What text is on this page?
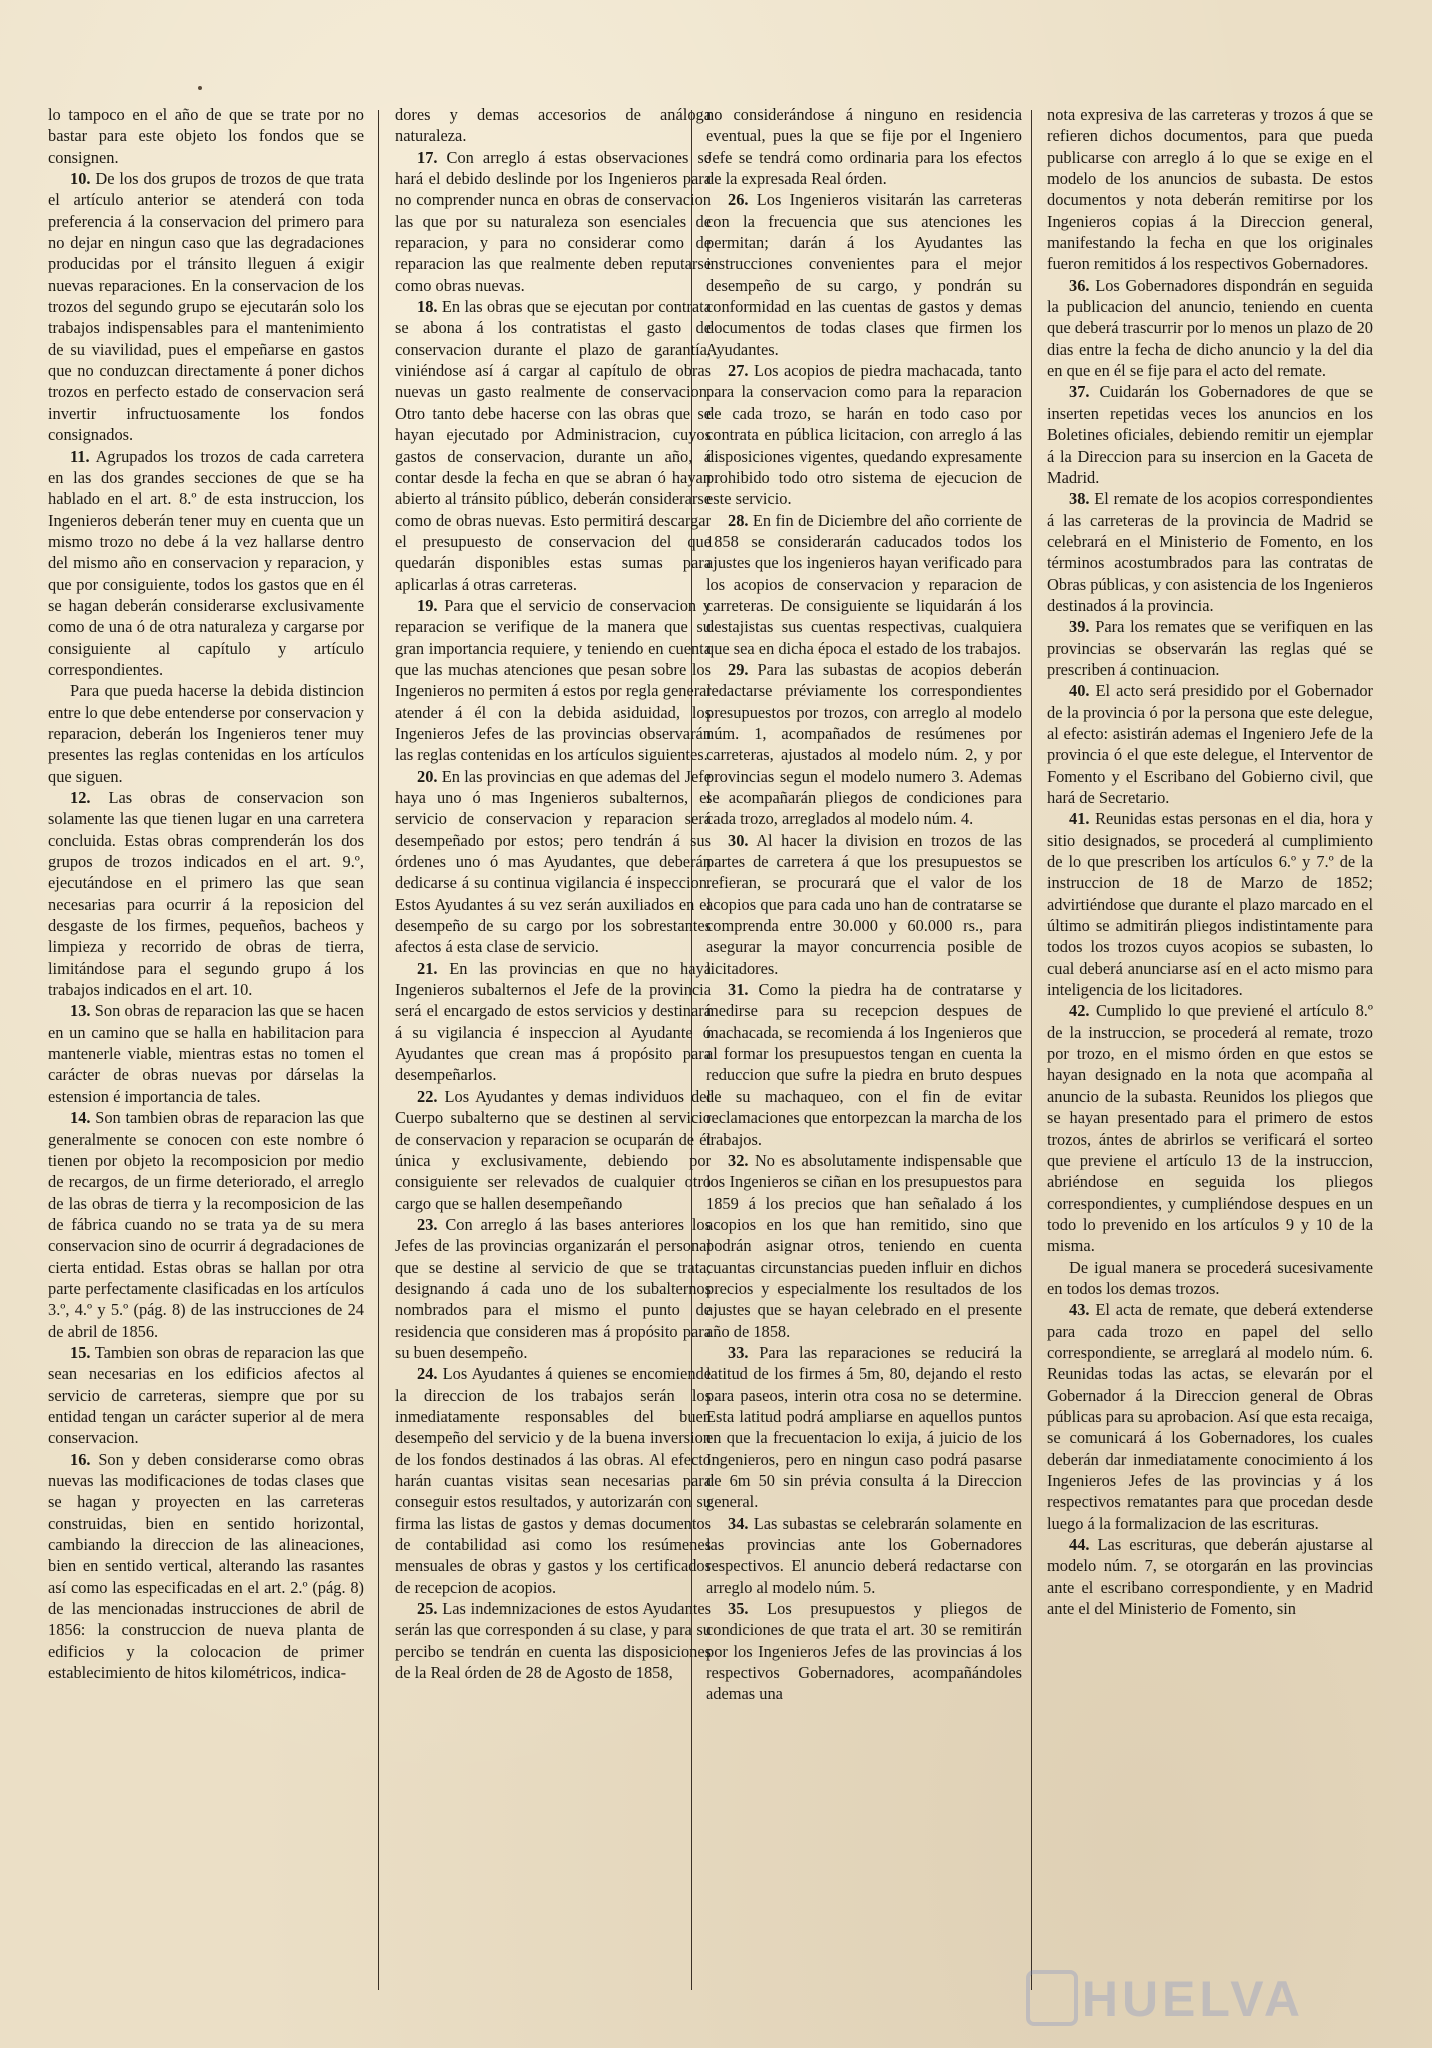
lo tampoco en el año de que se trate por no bastar para este objeto los fondos que se consignen.

10. De los dos grupos de trozos de que trata el artículo anterior se atenderá con toda preferencia á la conservacion del primero para no dejar en ningun caso que las degradaciones producidas por el tránsito lleguen á exigir nuevas reparaciones. En la conservacion de los trozos del segundo grupo se ejecutarán solo los trabajos indispensables para el mantenimiento de su viavilidad, pues el empeñarse en gastos que no conduzcan directamente á poner dichos trozos en perfecto estado de conservacion será invertir infructuosamente los fondos consignados.

11. Agrupados los trozos de cada carretera en las dos grandes secciones de que se ha hablado en el art. 8.º de esta instruccion, los Ingenieros deberán tener muy en cuenta que un mismo trozo no debe á la vez hallarse dentro del mismo año en conservacion y reparacion, y que por consiguiente, todos los gastos que en él se hagan deberán considerarse exclusivamente como de una ó de otra naturaleza y cargarse por consiguiente al capítulo y artículo correspondientes.

Para que pueda hacerse la debida distincion entre lo que debe entenderse por conservacion y reparacion, deberán los Ingenieros tener muy presentes las reglas contenidas en los artículos que siguen.

12. Las obras de conservacion son solamente las que tienen lugar en una carretera concluida. Estas obras comprenderán los dos grupos de trozos indicados en el art. 9.º, ejecutándose en el primero las que sean necesarias para ocurrir á la reposicion del desgaste de los firmes, pequeños, bacheos y limpieza y recorrido de obras de tierra, limitándose para el segundo grupo á los trabajos indicados en el art. 10.

13. Son obras de reparacion las que se hacen en un camino que se halla en habilitacion para mantenerle viable, mientras estas no tomen el carácter de obras nuevas por dárselas la estension é importancia de tales.

14. Son tambien obras de reparacion las que generalmente se conocen con este nombre ó tienen por objeto la recomposicion por medio de recargos, de un firme deteriorado, el arreglo de las obras de tierra y la recomposicion de las de fábrica cuando no se trata ya de su mera conservacion sino de ocurrir á degradaciones de cierta entidad. Estas obras se hallan por otra parte perfectamente clasificadas en los artículos 3.º, 4.º y 5.º (pág. 8) de las instrucciones de 24 de abril de 1856.

15. Tambien son obras de reparacion las que sean necesarias en los edificios afectos al servicio de carreteras, siempre que por su entidad tengan un carácter superior al de mera conservacion.

16. Son y deben considerarse como obras nuevas las modificaciones de todas clases que se hagan y proyecten en las carreteras construidas, bien en sentido horizontal, cambiando la direccion de las alineaciones, bien en sentido vertical, alterando las rasantes así como las especificadas en el art. 2.º (pág. 8) de las mencionadas instrucciones de abril de 1856: la construccion de nueva planta de edificios y la colocacion de primer establecimiento de hitos kilométricos, indica-

dores y demas accesorios de análoga naturaleza.

17. Con arreglo á estas observaciones se hará el debido deslinde por los Ingenieros para no comprender nunca en obras de conservacion las que por su naturaleza son esenciales de reparacion, y para no considerar como de reparacion las que realmente deben reputarse como obras nuevas.

18. En las obras que se ejecutan por contrata se abona á los contratistas el gasto de conservacion durante el plazo de garantía, viniéndose así á cargar al capítulo de obras nuevas un gasto realmente de conservacion. Otro tanto debe hacerse con las obras que se hayan ejecutado por Administracion, cuyos gastos de conservacion, durante un año, á contar desde la fecha en que se abran ó hayan abierto al tránsito público, deberán considerarse como de obras nuevas. Esto permitirá descargar el presupuesto de conservacion del que quedarán disponibles estas sumas para aplicarlas á otras carreteras.

19. Para que el servicio de conservacion y reparacion se verifique de la manera que su gran importancia requiere, y teniendo en cuenta que las muchas atenciones que pesan sobre los Ingenieros no permiten á estos por regla general atender á él con la debida asiduidad, los Ingenieros Jefes de las provincias observarán las reglas contenidas en los artículos siguientes.

20. En las provincias en que ademas del Jefe haya uno ó mas Ingenieros subalternos, el servicio de conservacion y reparacion será desempeñado por estos; pero tendrán á sus órdenes uno ó mas Ayudantes, que deberán dedicarse á su continua vigilancia é inspeccion. Estos Ayudantes á su vez serán auxiliados en el desempeño de su cargo por los sobrestantes afectos á esta clase de servicio.

21. En las provincias en que no haya Ingenieros subalternos el Jefe de la provincia será el encargado de estos servicios y destinará á su vigilancia é inspeccion al Ayudante ó Ayudantes que crean mas á propósito para desempeñarlos.

22. Los Ayudantes y demas individuos del Cuerpo subalterno que se destinen al servicio de conservacion y reparacion se ocuparán de él única y exclusivamente, debiendo por consiguiente ser relevados de cualquier otro cargo que se hallen desempeñando

23. Con arreglo á las bases anteriores los Jefes de las provincias organizarán el personal que se destine al servicio de que se trata; designando á cada uno de los subalternos nombrados para el mismo el punto de residencia que consideren mas á propósito para su buen desempeño.

24. Los Ayudantes á quienes se encomiende la direccion de los trabajos serán los inmediatamente responsables del buen desempeño del servicio y de la buena inversion de los fondos destinados á las obras. Al efecto harán cuantas visitas sean necesarias para conseguir estos resultados, y autorizarán con su firma las listas de gastos y demas documentos de contabilidad asi como los resúmenes mensuales de obras y gastos y los certificados de recepcion de acopios.

25. Las indemnizaciones de estos Ayudantes serán las que corresponden á su clase, y para su percibo se tendrán en cuenta las disposiciones de la Real órden de 28 de Agosto de 1858,

no considerándose á ninguno en residencia eventual, pues la que se fije por el Ingeniero Jefe se tendrá como ordinaria para los efectos de la expresada Real órden.

26. Los Ingenieros visitarán las carreteras con la frecuencia que sus atenciones les permitan; darán á los Ayudantes las instrucciones convenientes para el mejor desempeño de su cargo, y pondrán su conformidad en las cuentas de gastos y demas documentos de todas clases que firmen los Ayudantes.

27. Los acopios de piedra machacada, tanto para la conservacion como para la reparacion de cada trozo, se harán en todo caso por contrata en pública licitacion, con arreglo á las disposiciones vigentes, quedando expresamente prohibido todo otro sistema de ejecucion de este servicio.

28. En fin de Diciembre del año corriente de 1858 se considerarán caducados todos los ajustes que los ingenieros hayan verificado para los acopios de conservacion y reparacion de carreteras. De consiguiente se liquidarán á los destajistas sus cuentas respectivas, cualquiera que sea en dicha época el estado de los trabajos.

29. Para las subastas de acopios deberán redactarse préviamente los correspondientes presupuestos por trozos, con arreglo al modelo núm. 1, acompañados de resúmenes por carreteras, ajustados al modelo núm. 2, y por provincias segun el modelo numero 3. Ademas se acompañarán pliegos de condiciones para cada trozo, arreglados al modelo núm. 4.

30. Al hacer la division en trozos de las partes de carretera á que los presupuestos se refieran, se procurará que el valor de los acopios que para cada uno han de contratarse se comprenda entre 30.000 y 60.000 rs., para asegurar la mayor concurrencia posible de licitadores.

31. Como la piedra ha de contratarse y medirse para su recepcion despues de machacada, se recomienda á los Ingenieros que al formar los presupuestos tengan en cuenta la reduccion que sufre la piedra en bruto despues de su machaqueo, con el fin de evitar reclamaciones que entorpezcan la marcha de los trabajos.

32. No es absolutamente indispensable que los Ingenieros se ciñan en los presupuestos para 1859 á los precios que han señalado á los acopios en los que han remitido, sino que podrán asignar otros, teniendo en cuenta cuantas circunstancias pueden influir en dichos precios y especialmente los resultados de los ajustes que se hayan celebrado en el presente año de 1858.

33. Para las reparaciones se reducirá la latitud de los firmes á 5m, 80, dejando el resto para paseos, interin otra cosa no se determine. Esta latitud podrá ampliarse en aquellos puntos en que la frecuentacion lo exija, á juicio de los Ingenieros, pero en ningun caso podrá pasarse de 6m 50 sin prévia consulta á la Direccion general.

34. Las subastas se celebrarán solamente en las provincias ante los Gobernadores respectivos. El anuncio deberá redactarse con arreglo al modelo núm. 5.

35. Los presupuestos y pliegos de condiciones de que trata el art. 30 se remitirán por los Ingenieros Jefes de las provincias á los respectivos Gobernadores, acompañándoles ademas una

nota expresiva de las carreteras y trozos á que se refieren dichos documentos, para que pueda publicarse con arreglo á lo que se exige en el modelo de los anuncios de subasta. De estos documentos y nota deberán remitirse por los Ingenieros copias á la Direccion general, manifestando la fecha en que los originales fueron remitidos á los respectivos Gobernadores.

36. Los Gobernadores dispondrán en seguida la publicacion del anuncio, teniendo en cuenta que deberá trascurrir por lo menos un plazo de 20 dias entre la fecha de dicho anuncio y la del dia en que en él se fije para el acto del remate.

37. Cuidarán los Gobernadores de que se inserten repetidas veces los anuncios en los Boletines oficiales, debiendo remitir un ejemplar á la Direccion para su insercion en la Gaceta de Madrid.

38. El remate de los acopios correspondientes á las carreteras de la provincia de Madrid se celebrará en el Ministerio de Fomento, en los términos acostumbrados para las contratas de Obras públicas, y con asistencia de los Ingenieros destinados á la provincia.

39. Para los remates que se verifiquen en las provincias se observarán las reglas qué se prescriben á continuacion.

40. El acto será presidido por el Gobernador de la provincia ó por la persona que este delegue, al efecto: asistirán ademas el Ingeniero Jefe de la provincia ó el que este delegue, el Interventor de Fomento y el Escribano del Gobierno civil, que hará de Secretario.

41. Reunidas estas personas en el dia, hora y sitio designados, se procederá al cumplimiento de lo que prescriben los artículos 6.º y 7.º de la instruccion de 18 de Marzo de 1852; advirtiéndose que durante el plazo marcado en el último se admitirán pliegos indistintamente para todos los trozos cuyos acopios se subasten, lo cual deberá anunciarse así en el acto mismo para inteligencia de los licitadores.

42. Cumplido lo que previené el artículo 8.º de la instruccion, se procederá al remate, trozo por trozo, en el mismo órden en que estos se hayan designado en la nota que acompaña al anuncio de la subasta. Reunidos los pliegos que se hayan presentado para el primero de estos trozos, ántes de abrirlos se verificará el sorteo que previene el artículo 13 de la instruccion, abriéndose en seguida los pliegos correspondientes, y cumpliéndose despues en un todo lo prevenido en los artículos 9 y 10 de la misma.

De igual manera se procederá sucesivamente en todos los demas trozos.

43. El acta de remate, que deberá extenderse para cada trozo en papel del sello correspondiente, se arreglará al modelo núm. 6. Reunidas todas las actas, se elevarán por el Gobernador á la Direccion general de Obras públicas para su aprobacion. Así que esta recaiga, se comunicará á los Gobernadores, los cuales deberán dar inmediatamente conocimiento á los Ingenieros Jefes de las provincias y á los respectivos rematantes para que procedan desde luego á la formalizacion de las escrituras.

44. Las escrituras, que deberán ajustarse al modelo núm. 7, se otorgarán en las provincias ante el escribano correspondiente, y en Madrid ante el del Ministerio de Fomento, sin

HUELVA
